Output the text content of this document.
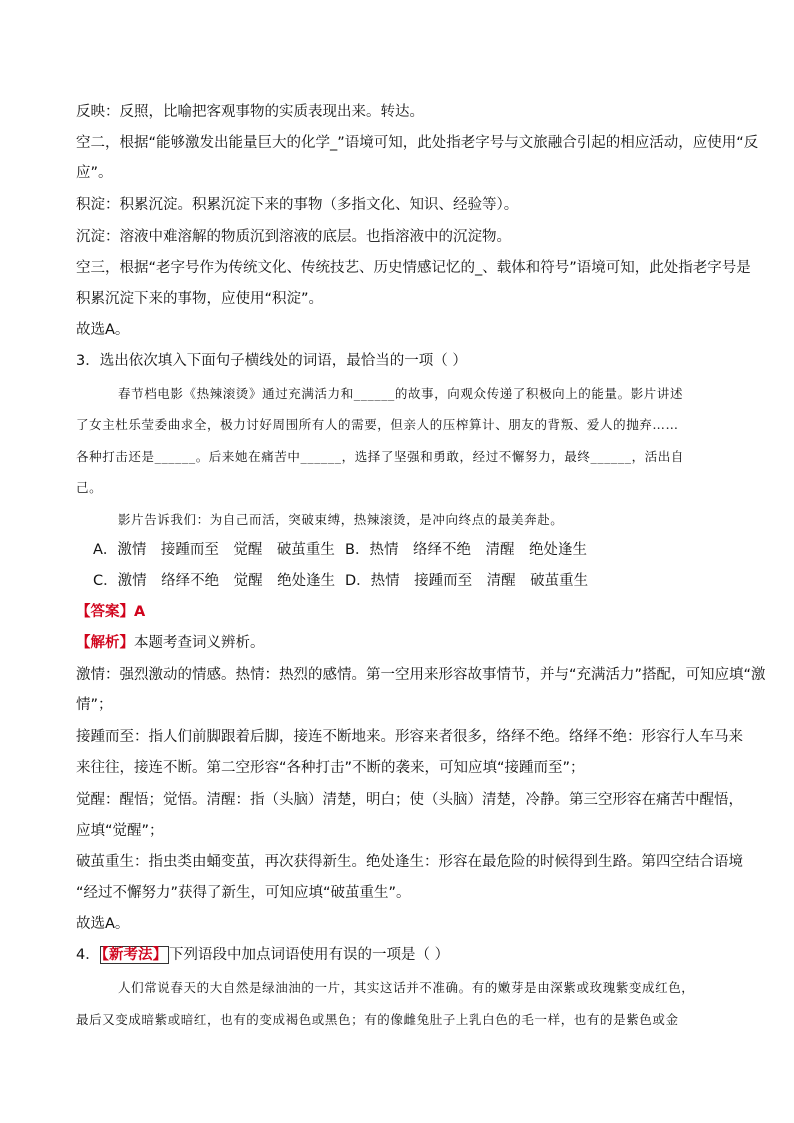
反映：反照，比喻把客观事物的实质表现出来。转达。
空二，根据“能够激发出能量巨大的化学_”语境可知，此处指老字号与文旅融合引起的相应活动，应使用“反
应”。
积淀：积累沉淀。积累沉淀下来的事物（多指文化、知识、经验等）。
沉淀：溶液中难溶解的物质沉到溶液的底层。也指溶液中的沉淀物。
空三，根据“老字号作为传统文化、传统技艺、历史情感记忆的_、载体和符号”语境可知，此处指老字号是
积累沉淀下来的事物，应使用“积淀”。
故选A。
3．选出依次填入下面句子横线处的词语，最恰当的一项（ ）
春节档电影《热辣滚烫》通过充满活力和______的故事，向观众传递了积极向上的能量。影片讲述
了女主杜乐莹委曲求全，极力讨好周围所有人的需要，但亲人的压榨算计、朋友的背叛、爱人的抛弃……
各种打击还是______。后来她在痛苦中______，选择了坚强和勇敢，经过不懈努力，最终______，活出自
己。
影片告诉我们：为自己而活，突破束缚，热辣滚烫，是冲向终点的最美奔赴。
A．激情　接踵而至　觉醒　破茧重生 B．热情　络绎不绝　清醒　绝处逢生
C．激情　络绎不绝　觉醒　绝处逢生 D．热情　接踵而至　清醒　破茧重生
【答案】A
【解析】本题考查词义辨析。
激情：强烈激动的情感。热情：热烈的感情。第一空用来形容故事情节，并与“充满活力”搭配，可知应填“激
情”；
接踵而至：指人们前脚跟着后脚，接连不断地来。形容来者很多，络绎不绝。络绎不绝：形容行人车马来
来往往，接连不断。第二空形容“各种打击”不断的袭来，可知应填“接踵而至”；
觉醒：醒悟；觉悟。清醒：指（头脑）清楚，明白；使（头脑）清楚，冷静。第三空形容在痛苦中醒悟，
应填“觉醒”；
破茧重生：指虫类由蛹变茧，再次获得新生。绝处逢生：形容在最危险的时候得到生路。第四空结合语境
“经过不懈努力”获得了新生，可知应填“破茧重生”。
故选A。
4． 【新考法】 下列语段中加点词语使用有误的一项是（ ）
人们常说春天的大自然是绿油油的一片，其实这话并不准确。有的嫩芽是由深紫或玫瑰紫变成红色，
最后又变成暗紫或暗红，也有的变成褐色或黑色；有的像雌兔肚子上乳白色的毛一样，也有的是紫色或金
